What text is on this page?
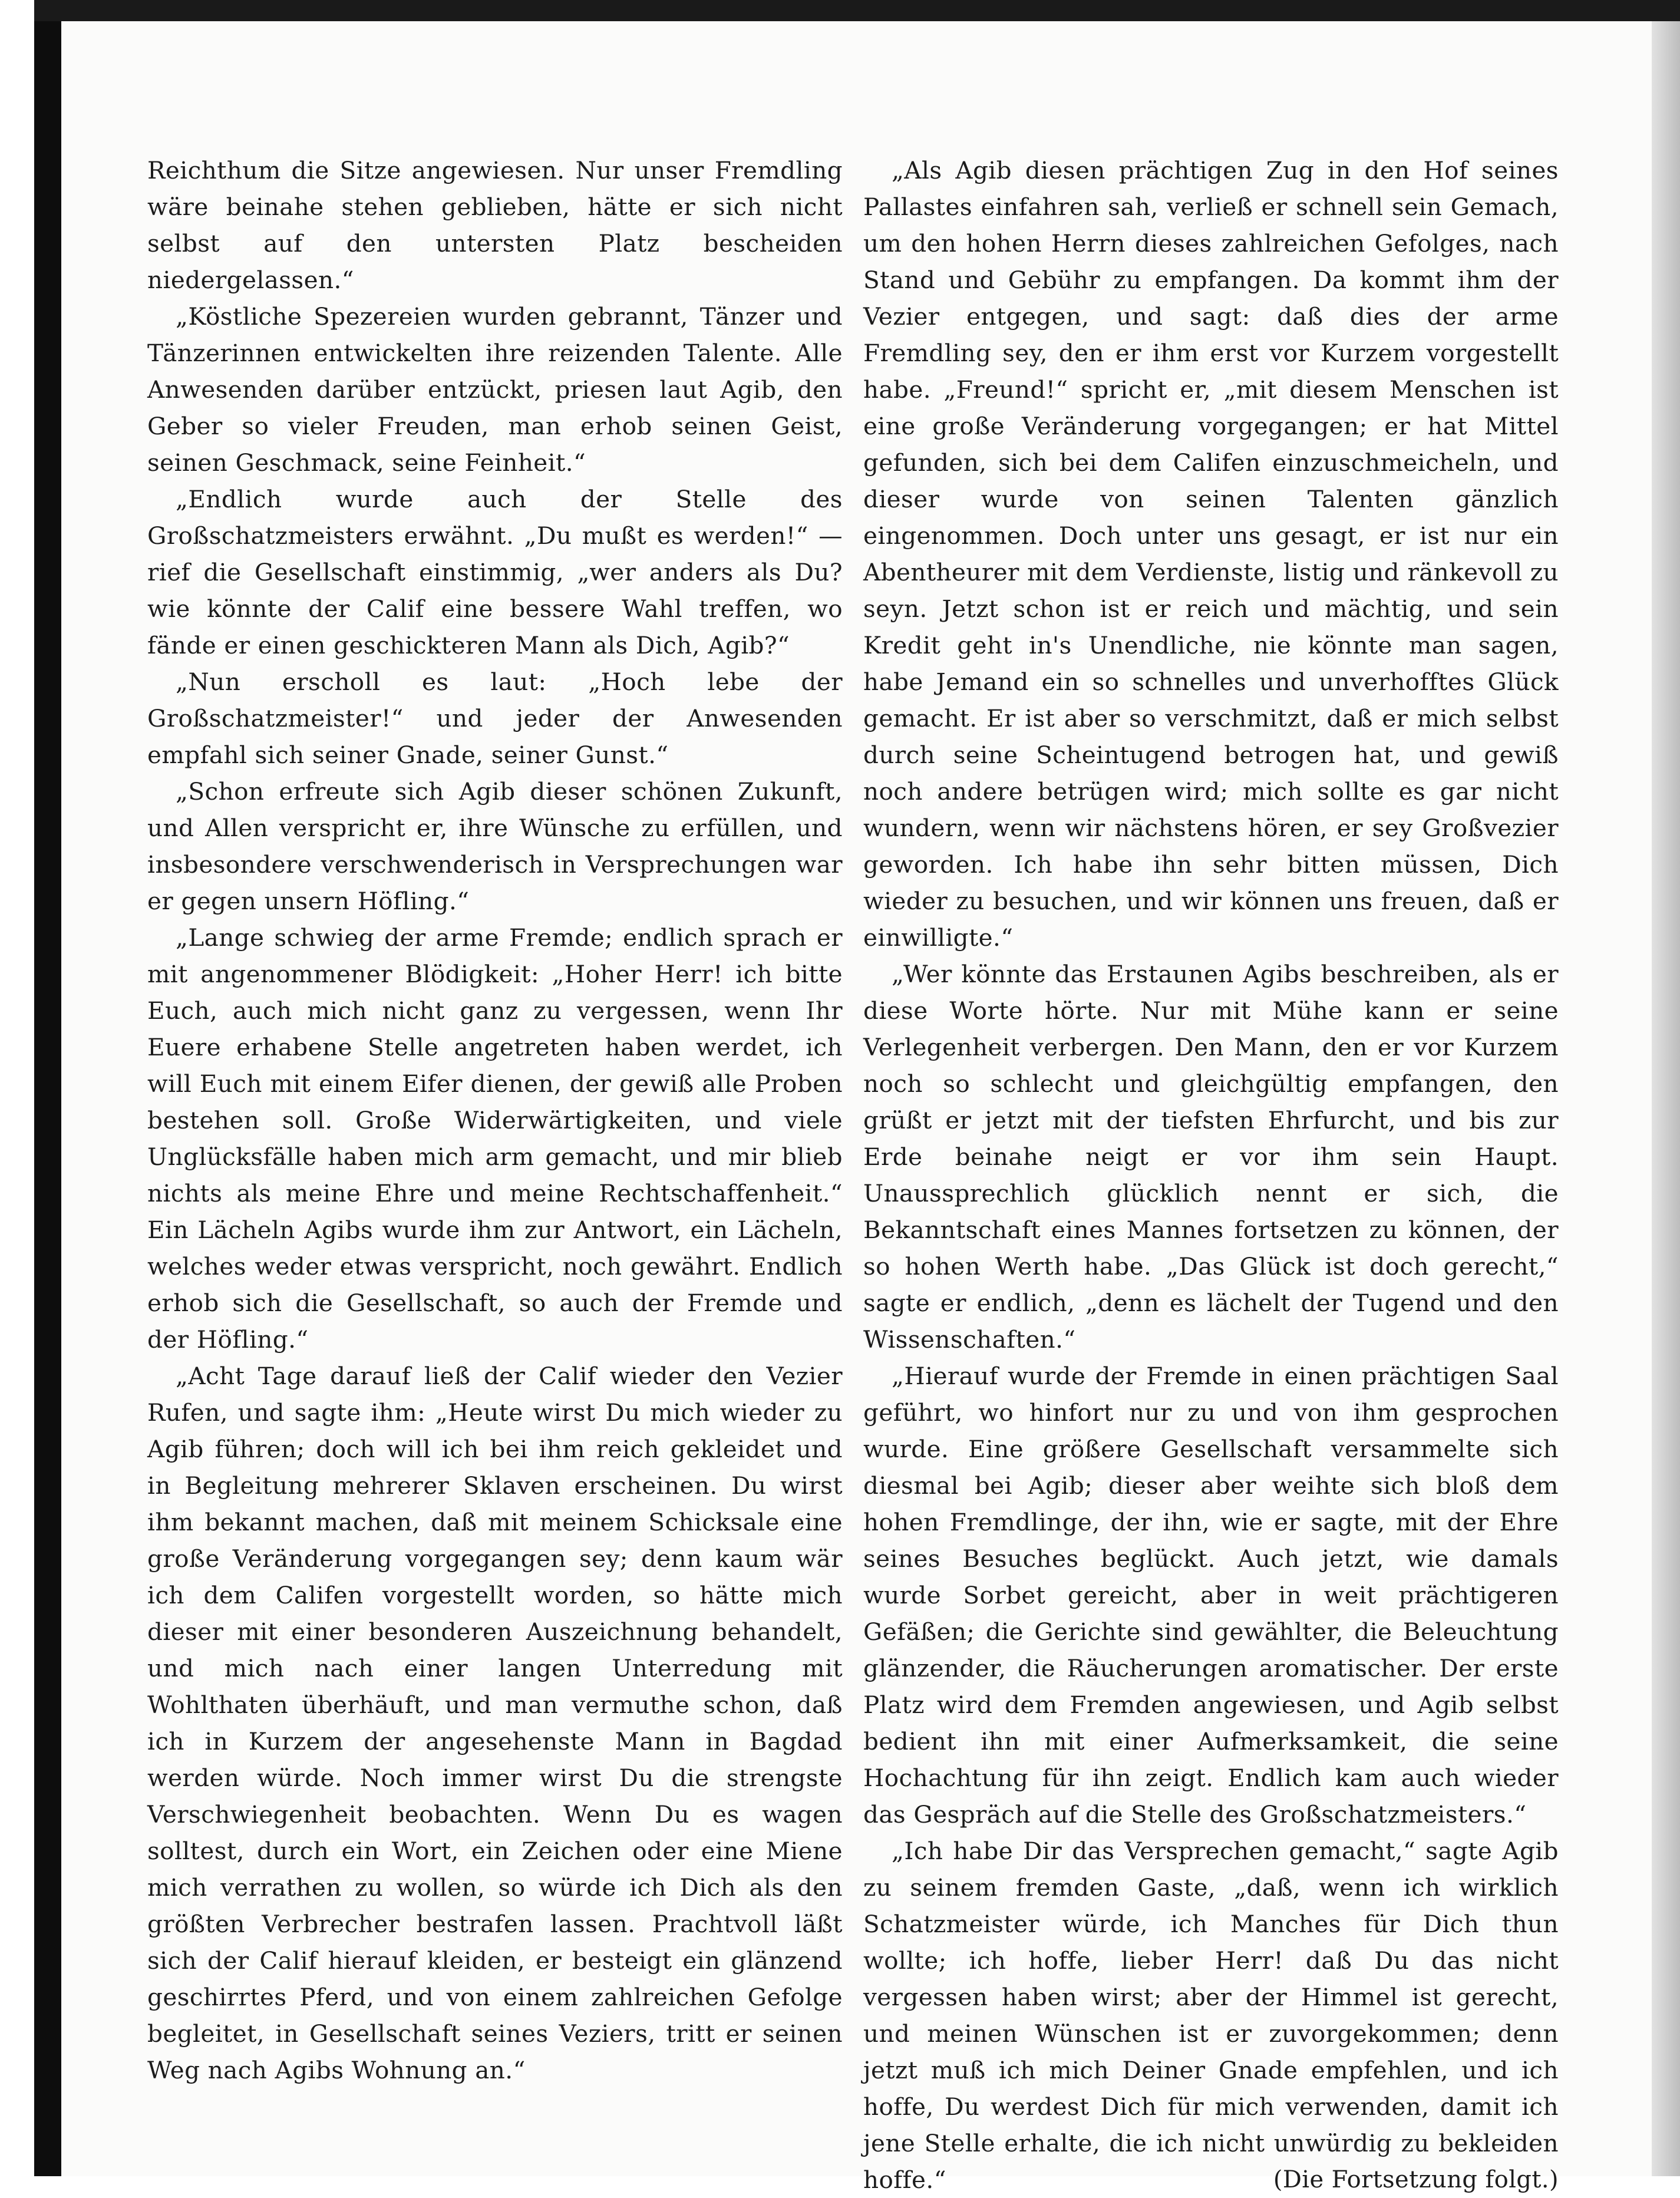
Reichthum die Sitze angewiesen. Nur unser Fremdling wäre beinahe stehen geblieben, hätte er sich nicht selbst auf den untersten Platz bescheiden niedergelassen.“

„Köstliche Spezereien wurden gebrannt, Tänzer und Tänzerinnen entwickelten ihre reizenden Talente. Alle Anwesenden darüber entzückt, priesen laut Agib, den Geber so vieler Freuden, man erhob seinen Geist, seinen Geschmack, seine Feinheit.“

„Endlich wurde auch der Stelle des Großschatzmeisters erwähnt. „Du mußt es werden!“ — rief die Gesellschaft einstimmig, „wer anders als Du? wie könnte der Calif eine bessere Wahl treffen, wo fände er einen geschickteren Mann als Dich, Agib?“

„Nun erscholl es laut: „Hoch lebe der Großschatzmeister!“ und jeder der Anwesenden empfahl sich seiner Gnade, seiner Gunst.“

„Schon erfreute sich Agib dieser schönen Zukunft, und Allen verspricht er, ihre Wünsche zu erfüllen, und insbesondere verschwenderisch in Versprechungen war er gegen unsern Höfling.“

„Lange schwieg der arme Fremde; endlich sprach er mit angenommener Blödigkeit: „Hoher Herr! ich bitte Euch, auch mich nicht ganz zu vergessen, wenn Ihr Euere erhabene Stelle angetreten haben werdet, ich will Euch mit einem Eifer dienen, der gewiß alle Proben bestehen soll. Große Widerwärtigkeiten, und viele Unglücksfälle haben mich arm gemacht, und mir blieb nichts als meine Ehre und meine Rechtschaffenheit.“ Ein Lächeln Agibs wurde ihm zur Antwort, ein Lächeln, welches weder etwas verspricht, noch gewährt. Endlich erhob sich die Gesellschaft, so auch der Fremde und der Höfling.“

„Acht Tage darauf ließ der Calif wieder den Vezier Rufen, und sagte ihm: „Heute wirst Du mich wieder zu Agib führen; doch will ich bei ihm reich gekleidet und in Begleitung mehrerer Sklaven erscheinen. Du wirst ihm bekannt machen, daß mit meinem Schicksale eine große Veränderung vorgegangen sey; denn kaum wär ich dem Califen vorgestellt worden, so hätte mich dieser mit einer besonderen Auszeichnung behandelt, und mich nach einer langen Unterredung mit Wohlthaten überhäuft, und man vermuthe schon, daß ich in Kurzem der angesehenste Mann in Bagdad werden würde. Noch immer wirst Du die strengste Verschwiegenheit beobachten. Wenn Du es wagen solltest, durch ein Wort, ein Zeichen oder eine Miene mich verrathen zu wollen, so würde ich Dich als den größten Verbrecher bestrafen lassen. Prachtvoll läßt sich der Calif hierauf kleiden, er besteigt ein glänzend geschirrtes Pferd, und von einem zahlreichen Gefolge begleitet, in Gesellschaft seines Veziers, tritt er seinen Weg nach Agibs Wohnung an.“

„Als Agib diesen prächtigen Zug in den Hof seines Pallastes einfahren sah, verließ er schnell sein Gemach, um den hohen Herrn dieses zahlreichen Gefolges, nach Stand und Gebühr zu empfangen. Da kommt ihm der Vezier entgegen, und sagt: daß dies der arme Fremdling sey, den er ihm erst vor Kurzem vorgestellt habe. „Freund!“ spricht er, „mit diesem Menschen ist eine große Veränderung vorgegangen; er hat Mittel gefunden, sich bei dem Califen einzuschmeicheln, und dieser wurde von seinen Talenten gänzlich eingenommen. Doch unter uns gesagt, er ist nur ein Abentheurer mit dem Verdienste, listig und ränkevoll zu seyn. Jetzt schon ist er reich und mächtig, und sein Kredit geht in's Unendliche, nie könnte man sagen, habe Jemand ein so schnelles und unverhofftes Glück gemacht. Er ist aber so verschmitzt, daß er mich selbst durch seine Scheintugend betrogen hat, und gewiß noch andere betrügen wird; mich sollte es gar nicht wundern, wenn wir nächstens hören, er sey Großvezier geworden. Ich habe ihn sehr bitten müssen, Dich wieder zu besuchen, und wir können uns freuen, daß er einwilligte.“

„Wer könnte das Erstaunen Agibs beschreiben, als er diese Worte hörte. Nur mit Mühe kann er seine Verlegenheit verbergen. Den Mann, den er vor Kurzem noch so schlecht und gleichgültig empfangen, den grüßt er jetzt mit der tiefsten Ehrfurcht, und bis zur Erde beinahe neigt er vor ihm sein Haupt. Unaussprechlich glücklich nennt er sich, die Bekanntschaft eines Mannes fortsetzen zu können, der so hohen Werth habe. „Das Glück ist doch gerecht,“ sagte er endlich, „denn es lächelt der Tugend und den Wissenschaften.“

„Hierauf wurde der Fremde in einen prächtigen Saal geführt, wo hinfort nur zu und von ihm gesprochen wurde. Eine größere Gesellschaft versammelte sich diesmal bei Agib; dieser aber weihte sich bloß dem hohen Fremdlinge, der ihn, wie er sagte, mit der Ehre seines Besuches beglückt. Auch jetzt, wie damals wurde Sorbet gereicht, aber in weit prächtigeren Gefäßen; die Gerichte sind gewählter, die Beleuchtung glänzender, die Räucherungen aromatischer. Der erste Platz wird dem Fremden angewiesen, und Agib selbst bedient ihn mit einer Aufmerksamkeit, die seine Hochachtung für ihn zeigt. Endlich kam auch wieder das Gespräch auf die Stelle des Großschatzmeisters.“

„Ich habe Dir das Versprechen gemacht,“ sagte Agib zu seinem fremden Gaste, „daß, wenn ich wirklich Schatzmeister würde, ich Manches für Dich thun wollte; ich hoffe, lieber Herr! daß Du das nicht vergessen haben wirst; aber der Himmel ist gerecht, und meinen Wünschen ist er zuvorgekommen; denn jetzt muß ich mich Deiner Gnade empfehlen, und ich hoffe, Du werdest Dich für mich verwenden, damit ich jene Stelle erhalte, die ich nicht unwürdig zu bekleiden hoffe.“	(Die Fortsetzung folgt.)
